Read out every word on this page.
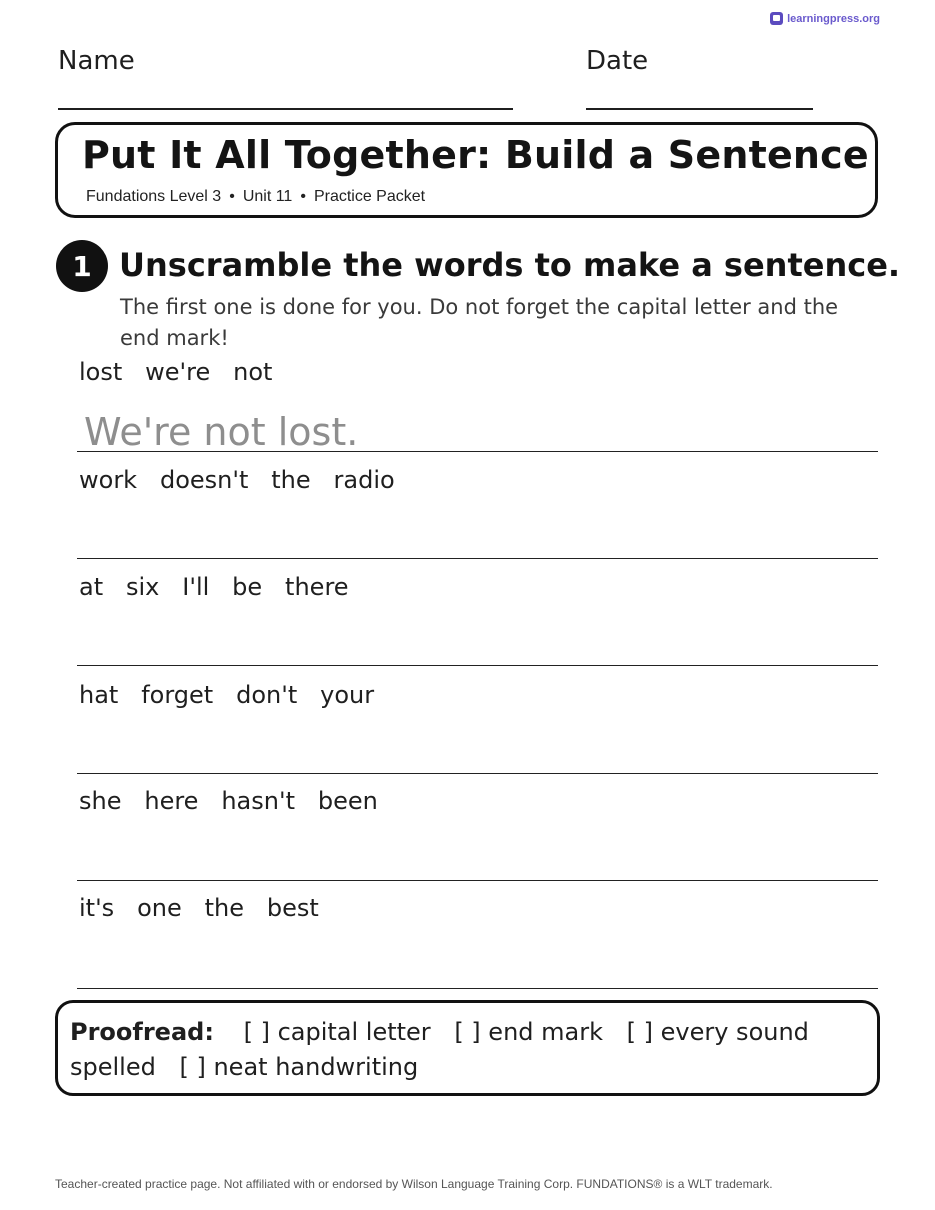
learningpress.org
Name	Date
Put It All Together: Build a Sentence
Fundations Level 3 • Unit 11 • Practice Packet
1 Unscramble the words to make a sentence.
The first one is done for you. Do not forget the capital letter and the end mark!
lost   we're   not
We're not lost.
work   doesn't   the   radio
at   six   I'll   be   there
hat   forget   don't   your
she   here   hasn't   been
it's   one   the   best
Proofread: [ ] capital letter [ ] end mark [ ] every sound spelled [ ] neat handwriting
Teacher-created practice page. Not affiliated with or endorsed by Wilson Language Training Corp. FUNDATIONS® is a WLT trademark.
